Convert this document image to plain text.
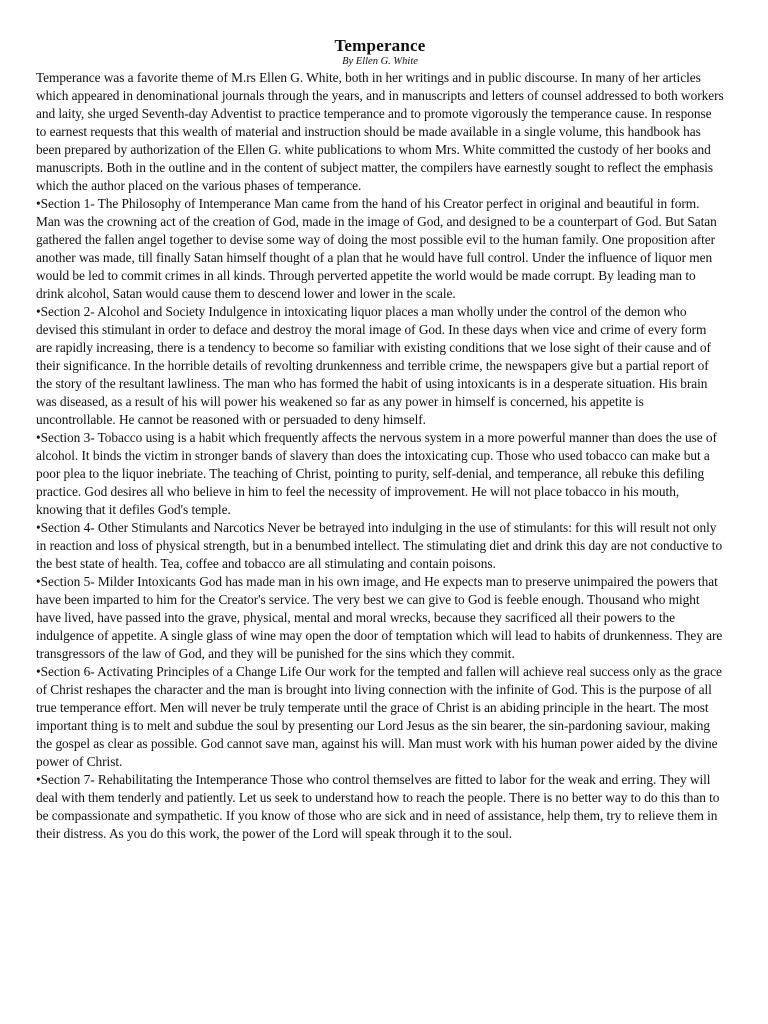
Temperance
By Ellen G. White

Temperance was a favorite theme of M.rs Ellen G. White, both in her writings and in public discourse. In many of her articles which appeared in denominational journals through the years, and in manuscripts and letters of counsel addressed to both workers and laity, she urged Seventh-day Adventist to practice temperance and to promote vigorously the temperance cause. In response to earnest requests that this wealth of material and instruction should be made available in a single volume, this handbook has been prepared by authorization of the Ellen G. white publications to whom Mrs. White committed the custody of her books and manuscripts. Both in the outline and in the content of subject matter, the compilers have earnestly sought to reflect the emphasis which the author placed on the various phases of temperance.

•Section 1- The Philosophy of Intemperance Man came from the hand of his Creator perfect in original and beautiful in form. Man was the crowning act of the creation of God, made in the image of God, and designed to be a counterpart of God. But Satan gathered the fallen angel together to devise some way of doing the most possible evil to the human family. One proposition after another was made, till finally Satan himself thought of a plan that he would have full control. Under the influence of liquor men would be led to commit crimes in all kinds. Through perverted appetite the world would be made corrupt. By leading man to drink alcohol, Satan would cause them to descend lower and lower in the scale.

•Section 2- Alcohol and Society Indulgence in intoxicating liquor places a man wholly under the control of the demon who devised this stimulant in order to deface and destroy the moral image of God. In these days when vice and crime of every form are rapidly increasing, there is a tendency to become so familiar with existing conditions that we lose sight of their cause and of their significance. In the horrible details of revolting drunkenness and terrible crime, the newspapers give but a partial report of the story of the resultant lawliness. The man who has formed the habit of using intoxicants is in a desperate situation. His brain was diseased, as a result of his will power his weakened so far as any power in himself is concerned, his appetite is uncontrollable. He cannot be reasoned with or persuaded to deny himself.

•Section 3- Tobacco using is a habit which frequently affects the nervous system in a more powerful manner than does the use of alcohol. It binds the victim in stronger bands of slavery than does the intoxicating cup. Those who used tobacco can make but a poor plea to the liquor inebriate. The teaching of Christ, pointing to purity, self-denial, and temperance, all rebuke this defiling practice. God desires all who believe in him to feel the necessity of improvement. He will not place tobacco in his mouth, knowing that it defiles God's temple.

•Section 4- Other Stimulants and Narcotics Never be betrayed into indulging in the use of stimulants: for this will result not only in reaction and loss of physical strength, but in a benumbed intellect. The stimulating diet and drink this day are not conductive to the best state of health. Tea, coffee and tobacco are all stimulating and contain poisons.

•Section 5- Milder Intoxicants God has made man in his own image, and He expects man to preserve unimpaired the powers that have been imparted to him for the Creator's service. The very best we can give to God is feeble enough. Thousand who might have lived, have passed into the grave, physical, mental and moral wrecks, because they sacrificed all their powers to the indulgence of appetite. A single glass of wine may open the door of temptation which will lead to habits of drunkenness. They are transgressors of the law of God, and they will be punished for the sins which they commit.

•Section 6- Activating Principles of a Change Life Our work for the tempted and fallen will achieve real success only as the grace of Christ reshapes the character and the man is brought into living connection with the infinite of God. This is the purpose of all true temperance effort. Men will never be truly temperate until the grace of Christ is an abiding principle in the heart. The most important thing is to melt and subdue the soul by presenting our Lord Jesus as the sin bearer, the sin-pardoning saviour, making the gospel as clear as possible. God cannot save man, against his will. Man must work with his human power aided by the divine power of Christ.

•Section 7- Rehabilitating the Intemperance Those who control themselves are fitted to labor for the weak and erring. They will deal with them tenderly and patiently. Let us seek to understand how to reach the people. There is no better way to do this than to be compassionate and sympathetic. If you know of those who are sick and in need of assistance, help them, try to relieve them in their distress. As you do this work, the power of the Lord will speak through it to the soul.
